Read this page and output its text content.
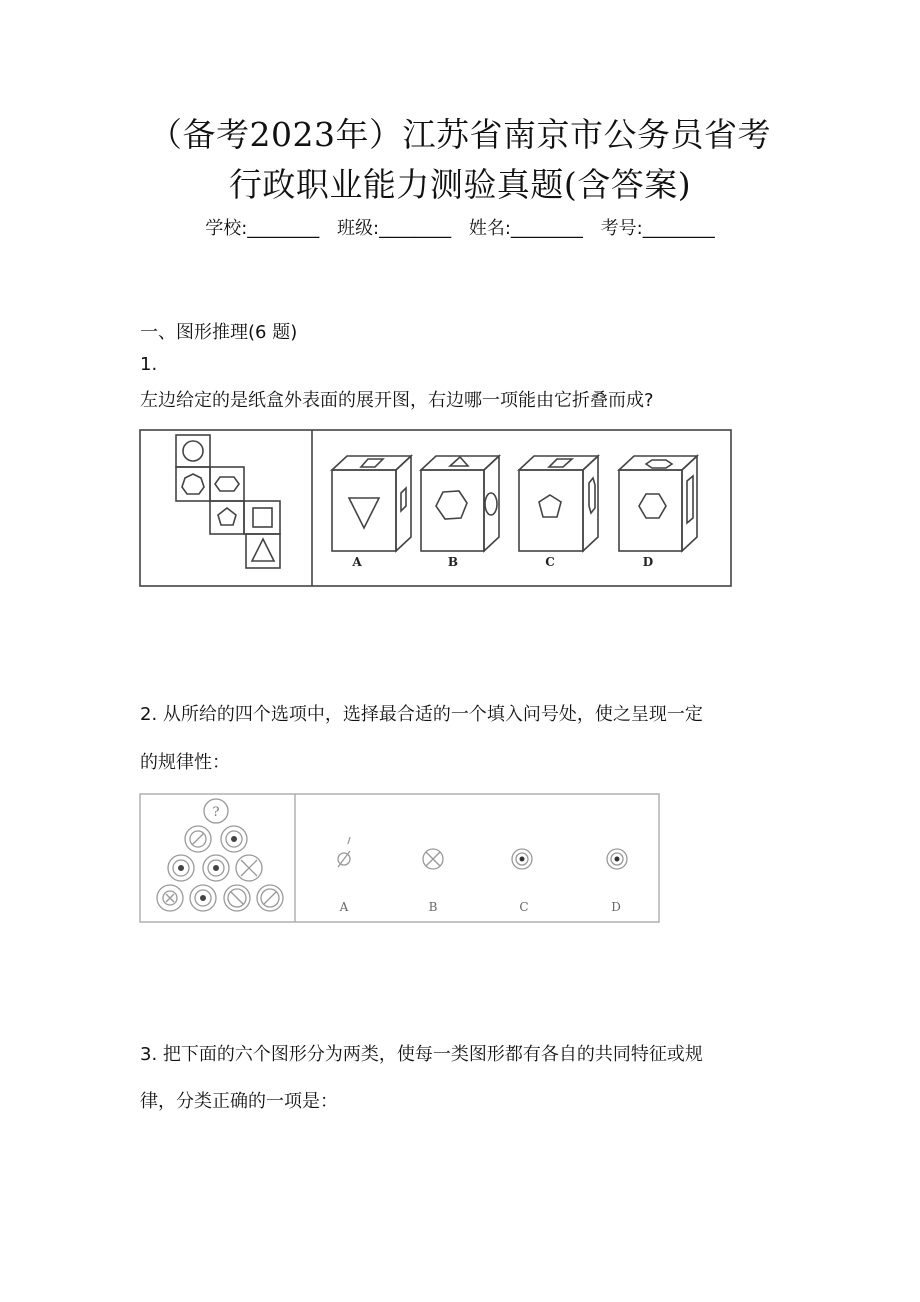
（备考2023年）江苏省南京市公务员省考
行政职业能力测验真题(含答案)
学校:________ 班级:________ 姓名:________ 考号:________
一、图形推理(6 题)
1.
左边给定的是纸盒外表面的展开图，右边哪一项能由它折叠而成?
A	B	C	D
2. 从所给的四个选项中，选择最合适的一个填入问号处，使之呈现一定
的规律性：
?
A	B	C	D
3. 把下面的六个图形分为两类，使每一类图形都有各自的共同特征或规
律，分类正确的一项是：
